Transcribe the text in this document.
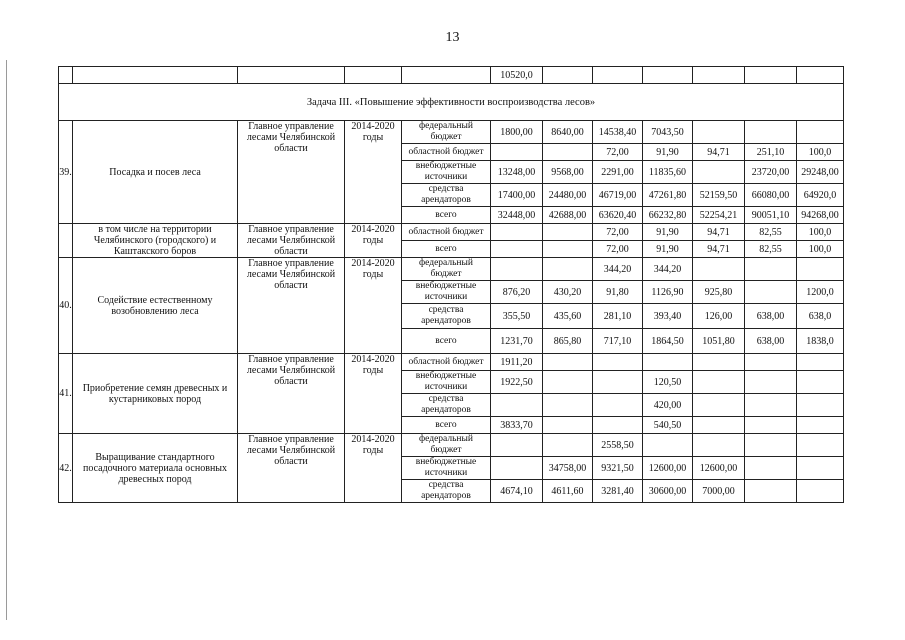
13
					10520,0						
Задача III. «Повышение эффективности воспроизводства лесов»											
39.	Посадка и посев леса	Главное управление лесами Челябинской области	2014-2020 годы	федеральный бюджет	1800,00	8640,00	14538,40	7043,50			
				областной бюджет			72,00	91,90	94,71	251,10	100,0
				внебюджетные источники	13248,00	9568,00	2291,00	11835,60		23720,00	29248,00
				средства арендаторов	17400,00	24480,00	46719,00	47261,80	52159,50	66080,00	64920,0
				всего	32448,00	42688,00	63620,40	66232,80	52254,21	90051,10	94268,00
	в том числе на территории Челябинского (городского) и Каштакского боров	Главное управление лесами Челябинской области	2014-2020 годы	областной бюджет			72,00	91,90	94,71	82,55	100,0
				всего			72,00	91,90	94,71	82,55	100,0
40.	Содействие естественному возобновлению леса	Главное управление лесами Челябинской области	2014-2020 годы	федеральный бюджет			344,20	344,20			
				внебюджетные источники	876,20	430,20	91,80	1126,90	925,80		1200,0
				средства арендаторов	355,50	435,60	281,10	393,40	126,00	638,00	638,0
				всего	1231,70	865,80	717,10	1864,50	1051,80	638,00	1838,0
41.	Приобретение семян древесных и кустарниковых пород	Главное управление лесами Челябинской области	2014-2020 годы	областной бюджет	1911,20						
				внебюджетные источники	1922,50			120,50			
				средства арендаторов				420,00			
				всего	3833,70			540,50			
42.	Выращивание стандартного посадочного материала основных древесных пород	Главное управление лесами Челябинской области	2014-2020 годы	федеральный бюджет			2558,50				
				внебюджетные источники		34758,00	9321,50	12600,00	12600,00		
				средства арендаторов	4674,10	4611,60	3281,40	30600,00	7000,00		
